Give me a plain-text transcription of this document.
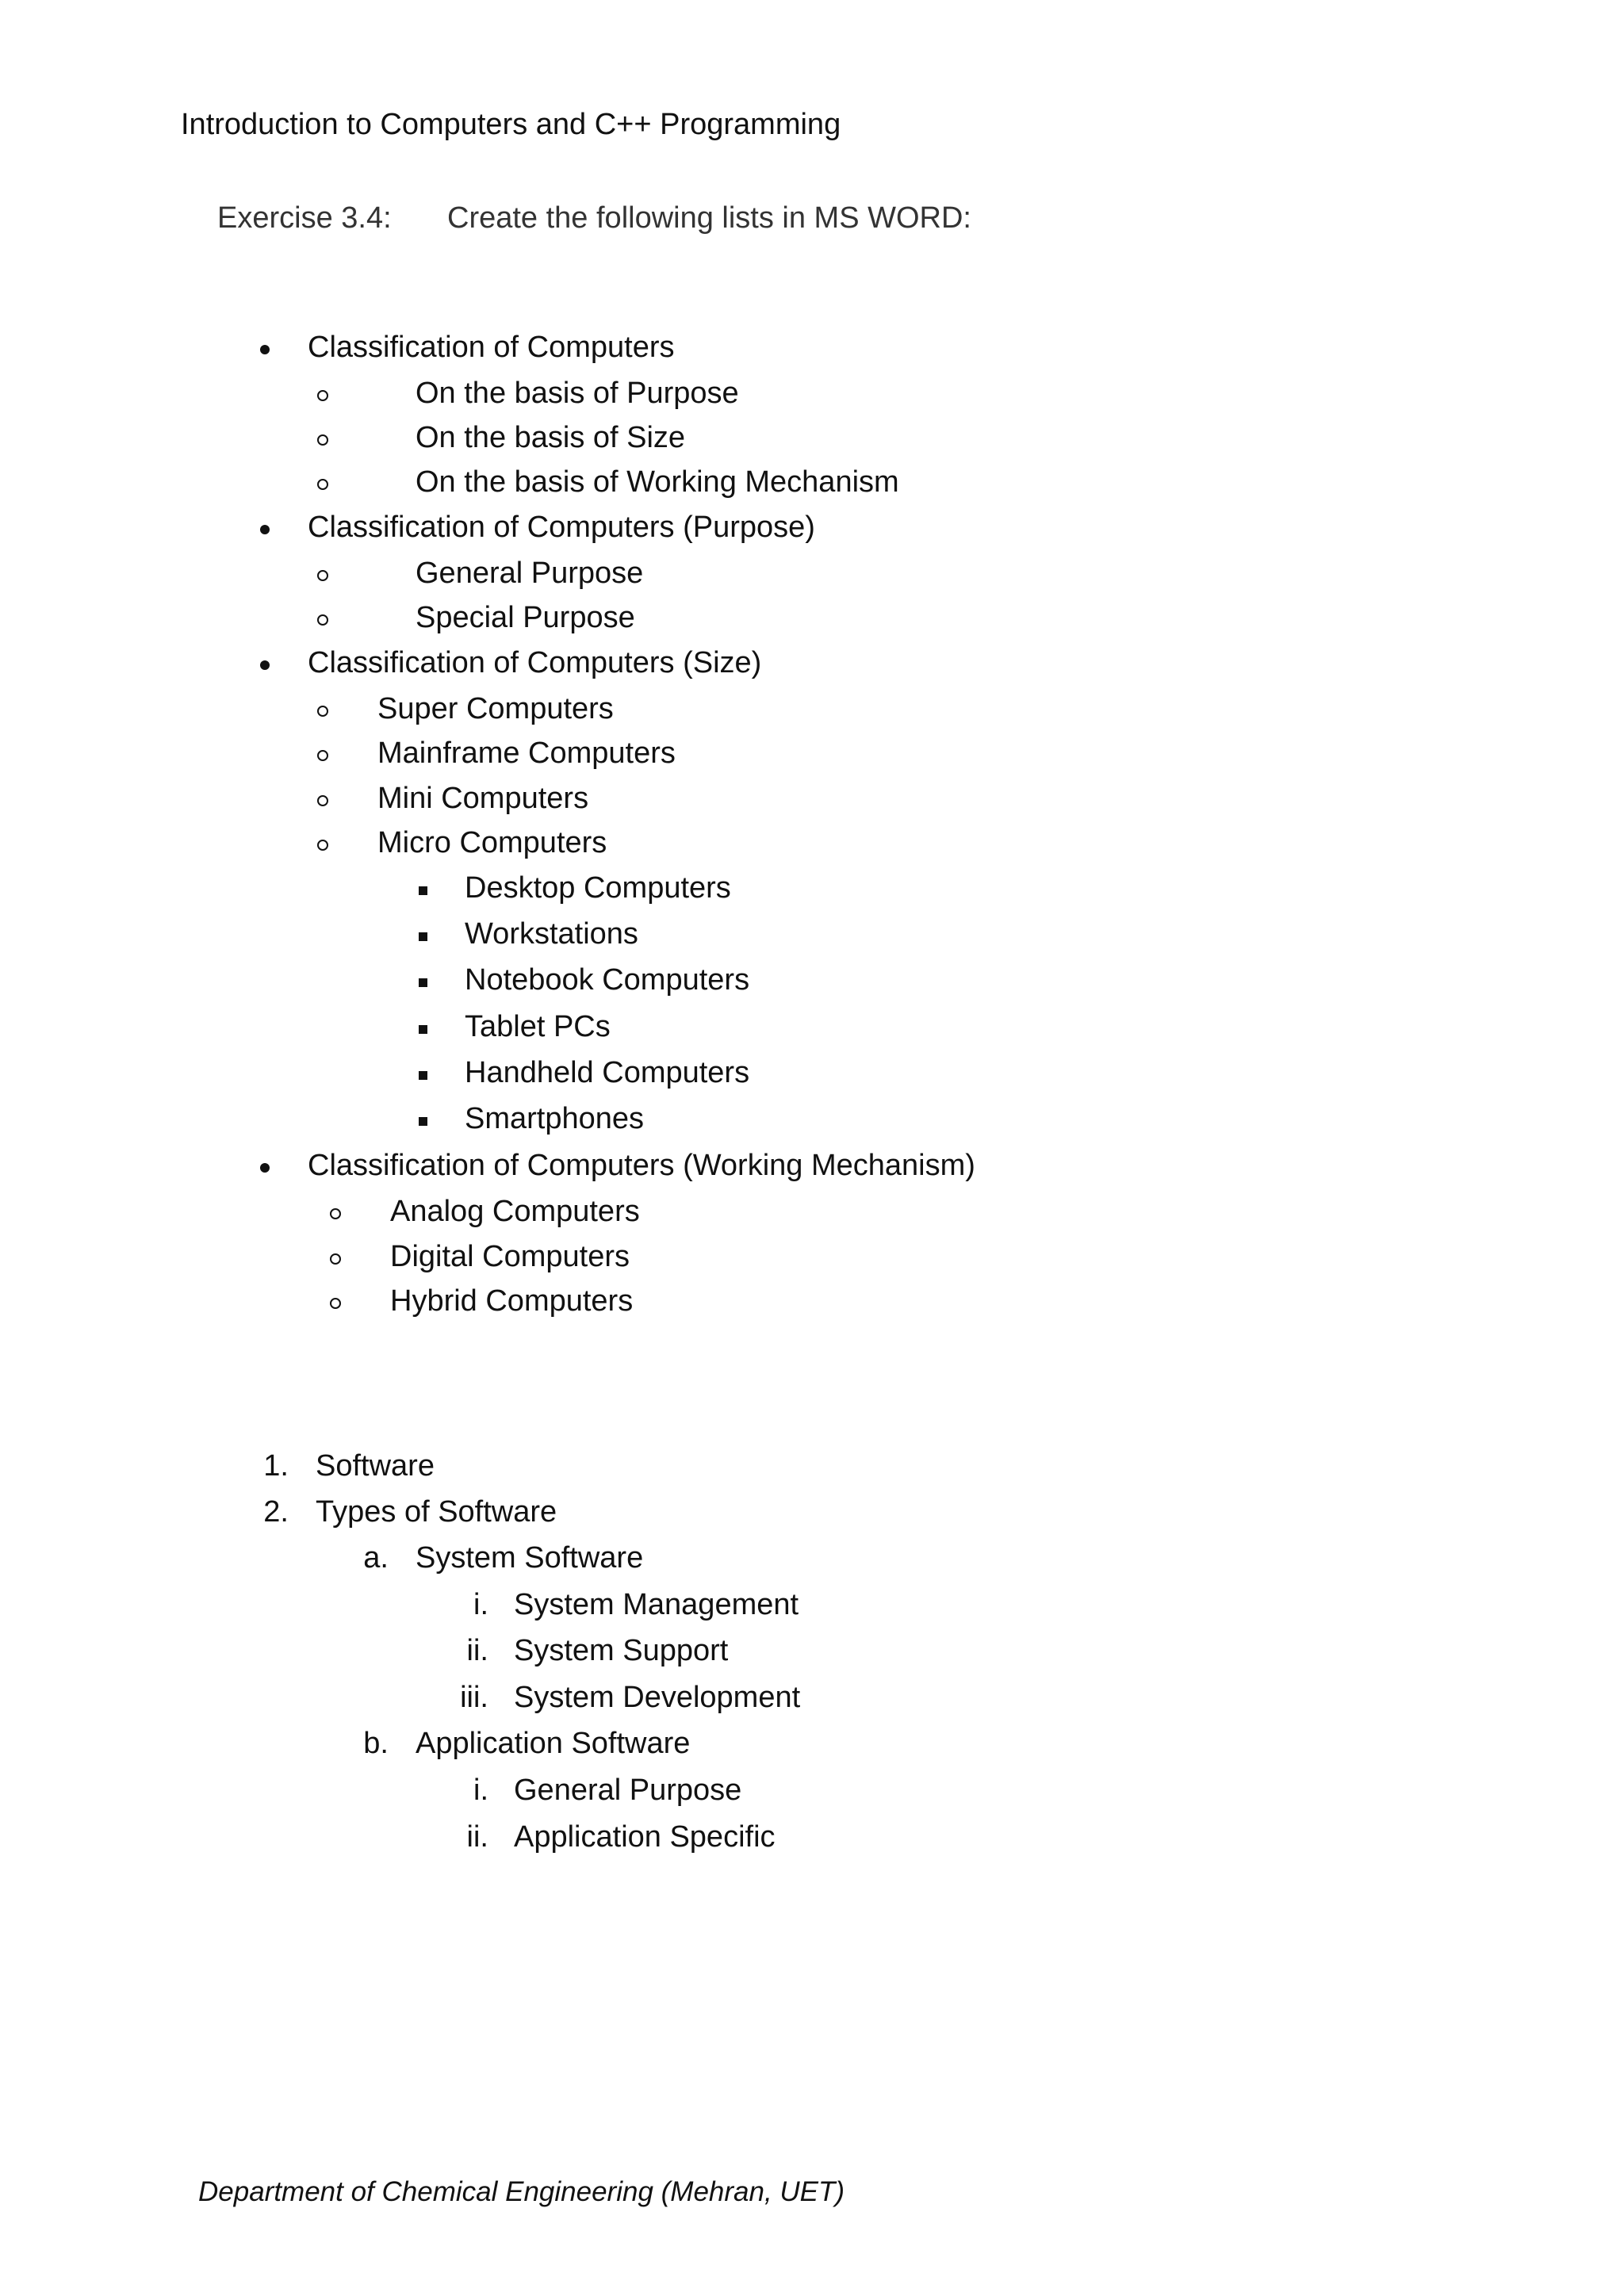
Introduction to Computers and C++ Programming
Exercise 3.4: Create the following lists in MS WORD:
Classification of Computers
On the basis of Purpose
On the basis of Size
On the basis of Working Mechanism
Classification of Computers (Purpose)
General Purpose
Special Purpose
Classification of Computers (Size)
Super Computers
Mainframe Computers
Mini Computers
Micro Computers
Desktop Computers
Workstations
Notebook Computers
Tablet PCs
Handheld Computers
Smartphones
Classification of Computers (Working Mechanism)
Analog Computers
Digital Computers
Hybrid Computers
1. Software
2. Types of Software
a. System Software
i. System Management
ii. System Support
iii. System Development
b. Application Software
i. General Purpose
ii. Application Specific
Department of Chemical Engineering (Mehran, UET)
